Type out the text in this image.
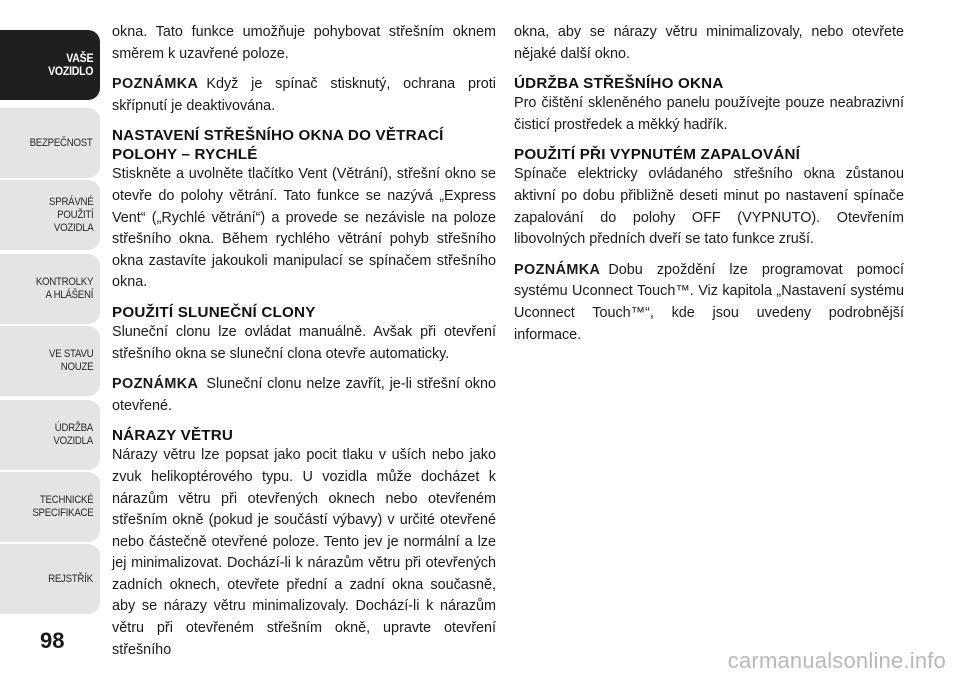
VAŠE
VOZIDLO
BEZPEČNOST
SPRÁVNÉ
POUŽITÍ
VOZIDLA
KONTROLKY
A HLÁŠENÍ
VE STAVU
NOUZE
ÚDRŽBA
VOZIDLA
TECHNICKÉ
SPECIFIKACE
REJSTŘÍK
98

okna. Tato funkce umožňuje pohybovat střešním oknem směrem k uzavřené poloze.

POZNÁMKA Když je spínač stisknutý, ochrana proti skřípnutí je deaktivována.

NASTAVENÍ STŘEŠNÍHO OKNA DO VĚTRACÍ POLOHY – RYCHLÉ

Stiskněte a uvolněte tlačítko Vent (Větrání), střešní okno se otevře do polohy větrání. Tato funkce se nazývá „Express Vent“ („Rychlé větrání“) a provede se nezávisle na poloze střešního okna. Během rychlého větrání pohyb střešního okna zastavíte jakoukoli manipulací se spínačem střešního okna.

POUŽITÍ SLUNEČNÍ CLONY

Sluneční clonu lze ovládat manuálně. Avšak při otevření střešního okna se sluneční clona otevře automaticky.

POZNÁMKA Sluneční clonu nelze zavřít, je-li střešní okno otevřené.

NÁRAZY VĚTRU

Nárazy větru lze popsat jako pocit tlaku v uších nebo jako zvuk helikoptérového typu. U vozidla může docházet k nárazům větru při otevřených oknech nebo otevřeném střešním okně (pokud je součástí výbavy) v určité otevřené nebo částečně otevřené poloze. Tento jev je normální a lze jej minimalizovat. Dochází-li k nárazům větru při otevřených zadních oknech, otevřete přední a zadní okna současně, aby se nárazy větru minimalizovaly. Dochází-li k nárazům větru při otevřeném střešním okně, upravte otevření střešního

okna, aby se nárazy větru minimalizovaly, nebo otevřete nějaké další okno.

ÚDRŽBA STŘEŠNÍHO OKNA

Pro čištění skleněného panelu používejte pouze neabrazivní čisticí prostředek a měkký hadřík.

POUŽITÍ PŘI VYPNUTÉM ZAPALOVÁNÍ

Spínače elektricky ovládaného střešního okna zůstanou aktivní po dobu přibližně deseti minut po nastavení spínače zapalování do polohy OFF (VYPNUTO). Otevřením libovolných předních dveří se tato funkce zruší.

POZNÁMKA Dobu zpoždění lze programovat pomocí systému Uconnect Touch™. Viz kapitola „Nastavení systému Uconnect Touch™“, kde jsou uvedeny podrobnější informace.

carmanualsonline.info
